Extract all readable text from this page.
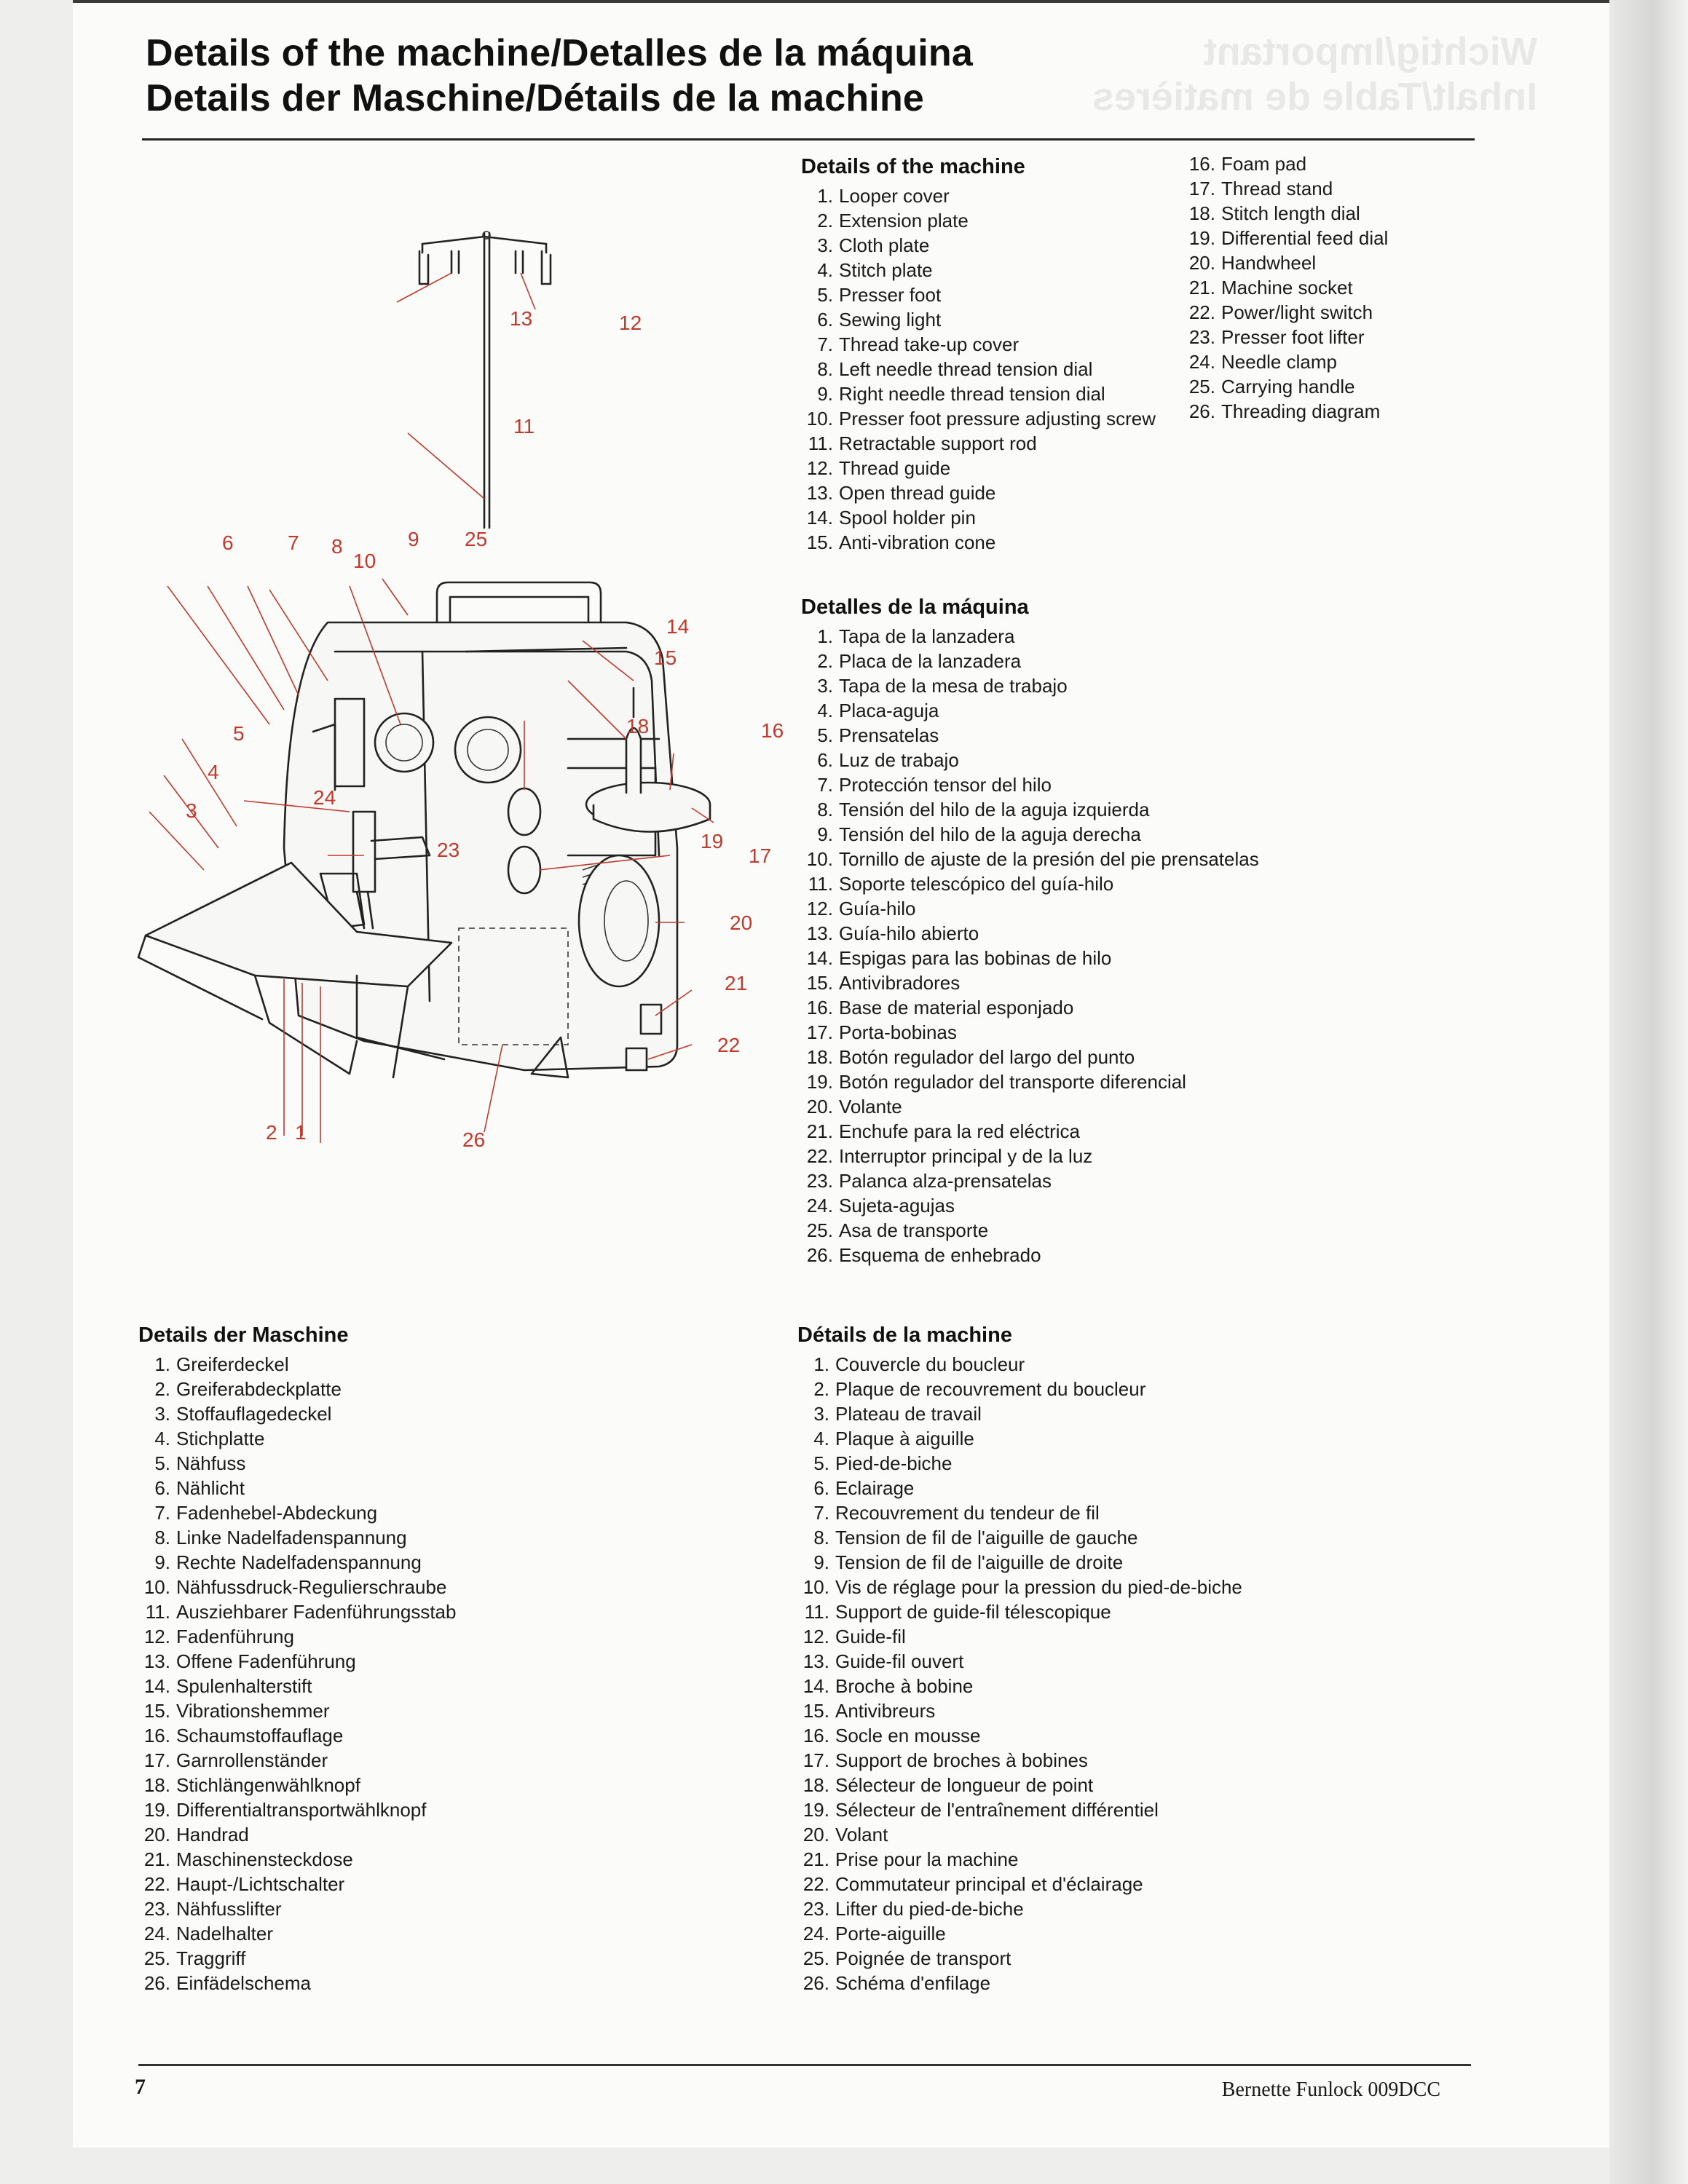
Wichtig/Important
Inhalt/Table de matières
Details of the machine/Detalles de la máquina
Details der Maschine/Détails de la machine
1
2
3
4
5
6	7 8	9
10
11
12
13
14
15
16
17
18
19
20
21
22
23
24
25
26
Details of the machine
1. Looper cover
2. Extension plate
3. Cloth plate
4. Stitch plate
5. Presser foot
6. Sewing light
7. Thread take-up cover
8. Left needle thread tension dial
9. Right needle thread tension dial
10. Presser foot pressure adjusting screw
11. Retractable support rod
12. Thread guide
13. Open thread guide
14. Spool holder pin
15. Anti-vibration cone
16. Foam pad
17. Thread stand
18. Stitch length dial
19. Differential feed dial
20. Handwheel
21. Machine socket
22. Power/light switch
23. Presser foot lifter
24. Needle clamp
25. Carrying handle
26. Threading diagram
Detalles de la máquina
1. Tapa de la lanzadera
2. Placa de la lanzadera
3. Tapa de la mesa de trabajo
4. Placa-aguja
5. Prensatelas
6. Luz de trabajo
7. Protección tensor del hilo
8. Tensión del hilo de la aguja izquierda
9. Tensión del hilo de la aguja derecha
10. Tornillo de ajuste de la presión del pie prensatelas
11. Soporte telescópico del guía-hilo
12. Guía-hilo
13. Guía-hilo abierto
14. Espigas para las bobinas de hilo
15. Antivibradores
16. Base de material esponjado
17. Porta-bobinas
18. Botón regulador del largo del punto
19. Botón regulador del transporte diferencial
20. Volante
21. Enchufe para la red eléctrica
22. Interruptor principal y de la luz
23. Palanca alza-prensatelas
24. Sujeta-agujas
25. Asa de transporte
26. Esquema de enhebrado
Details der Maschine
1. Greiferdeckel
2. Greiferabdeckplatte
3. Stoffauflagedeckel
4. Stichplatte
5. Nähfuss
6. Nählicht
7. Fadenhebel-Abdeckung
8. Linke Nadelfadenspannung
9. Rechte Nadelfadenspannung
10. Nähfussdruck-Regulierschraube
11. Ausziehbarer Fadenführungsstab
12. Fadenführung
13. Offene Fadenführung
14. Spulenhalterstift
15. Vibrationshemmer
16. Schaumstoffauflage
17. Garnrollenständer
18. Stichlängenwählknopf
19. Differentialtransportwählknopf
20. Handrad
21. Maschinensteckdose
22. Haupt-/Lichtschalter
23. Nähfusslifter
24. Nadelhalter
25. Traggriff
26. Einfädelschema
Détails de la machine
1. Couvercle du boucleur
2. Plaque de recouvrement du boucleur
3. Plateau de travail
4. Plaque à aiguille
5. Pied-de-biche
6. Eclairage
7. Recouvrement du tendeur de fil
8. Tension de fil de l'aiguille de gauche
9. Tension de fil de l'aiguille de droite
10. Vis de réglage pour la pression du pied-de-biche
11. Support de guide-fil télescopique
12. Guide-fil
13. Guide-fil ouvert
14. Broche à bobine
15. Antivibreurs
16. Socle en mousse
17. Support de broches à bobines
18. Sélecteur de longueur de point
19. Sélecteur de l'entraînement différentiel
20. Volant
21. Prise pour la machine
22. Commutateur principal et d'éclairage
23. Lifter du pied-de-biche
24. Porte-aiguille
25. Poignée de transport
26. Schéma d'enfilage
7	Bernette Funlock 009DCC
